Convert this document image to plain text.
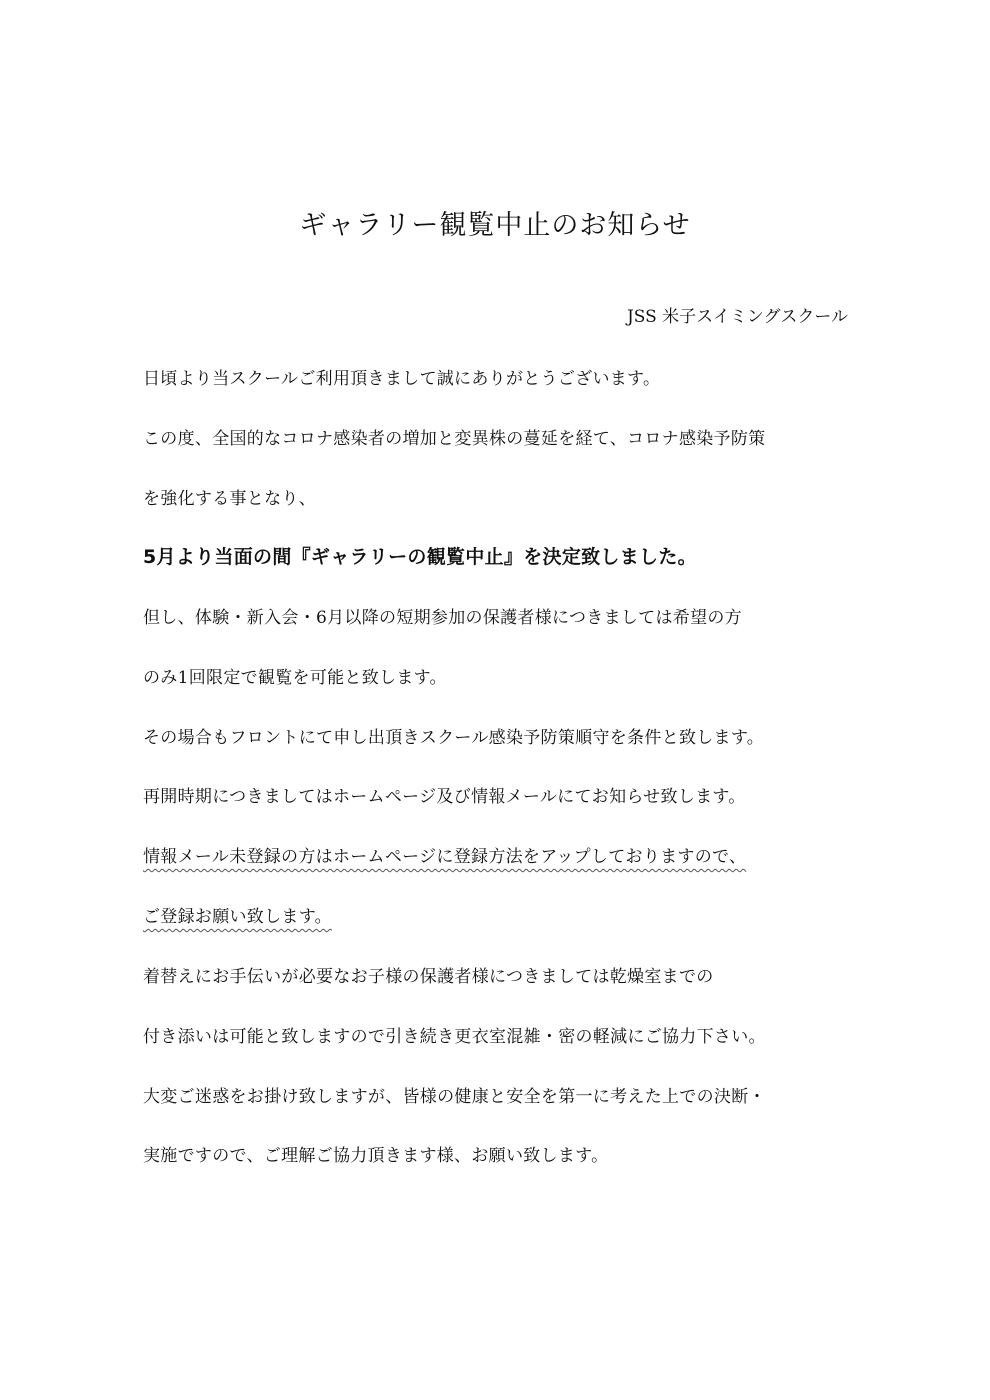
ギャラリー観覧中止のお知らせ
JSS 米子スイミングスクール
日頃より当スクールご利用頂きまして誠にありがとうございます。
この度、全国的なコロナ感染者の増加と変異株の蔓延を経て、コロナ感染予防策
を強化する事となり、
5月より当面の間『ギャラリーの観覧中止』を決定致しました。
但し、体験・新入会・6月以降の短期参加の保護者様につきましては希望の方
のみ1回限定で観覧を可能と致します。
その場合もフロントにて申し出頂きスクール感染予防策順守を条件と致します。
再開時期につきましてはホームページ及び情報メールにてお知らせ致します。
情報メール未登録の方はホームページに登録方法をアップしておりますので、
ご登録お願い致します。
着替えにお手伝いが必要なお子様の保護者様につきましては乾燥室までの
付き添いは可能と致しますので引き続き更衣室混雑・密の軽減にご協力下さい。
大変ご迷惑をお掛け致しますが、皆様の健康と安全を第一に考えた上での決断・
実施ですので、ご理解ご協力頂きます様、お願い致します。
